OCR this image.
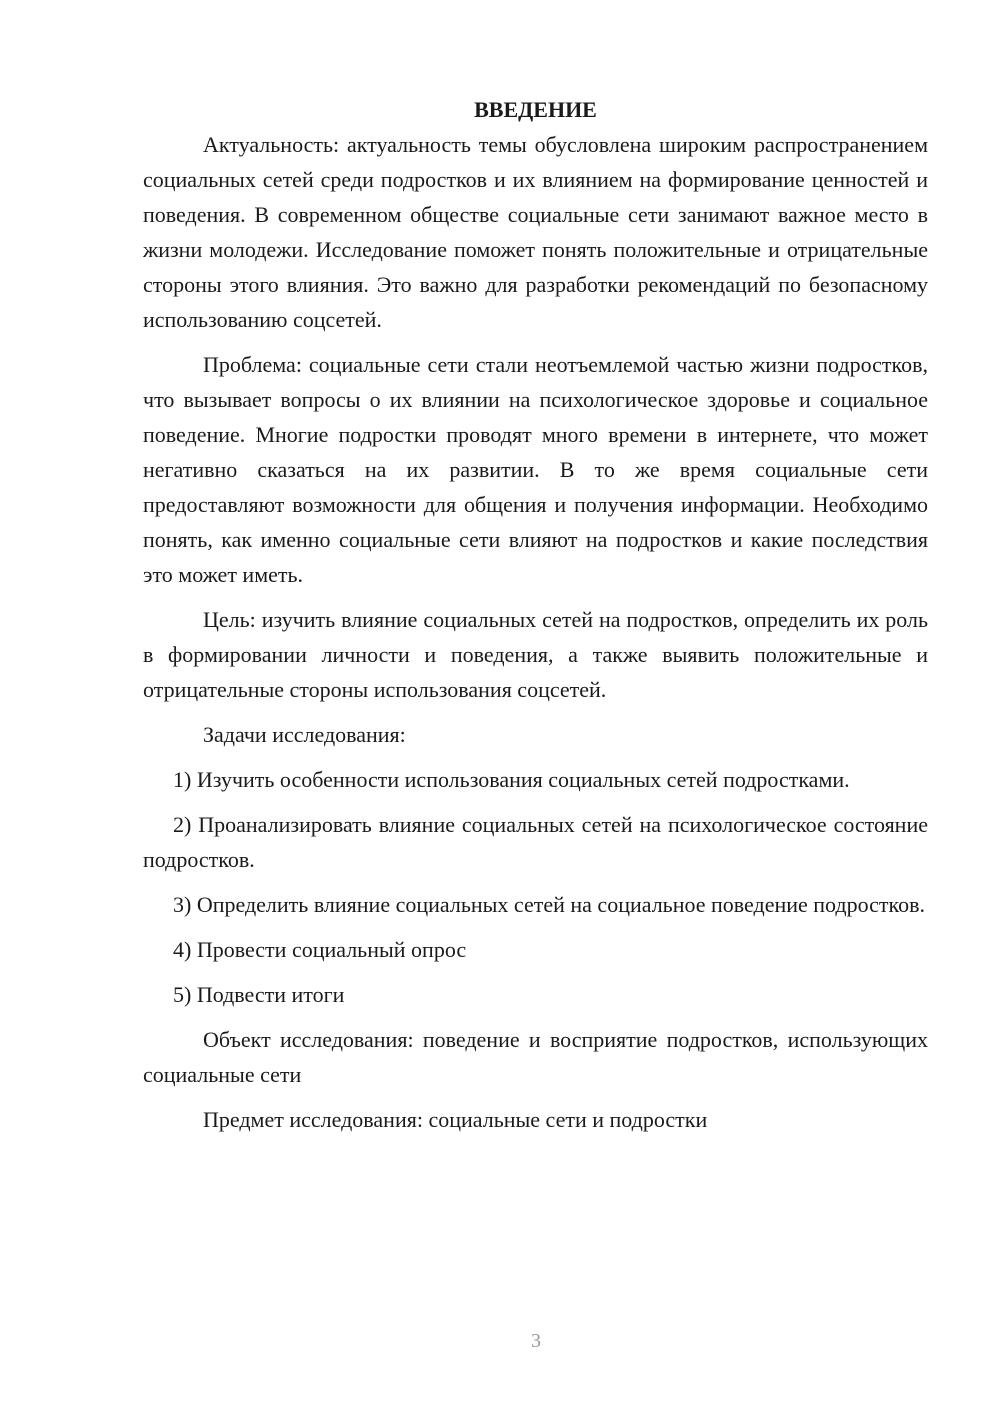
ВВЕДЕНИЕ

Актуальность: актуальность темы обусловлена широким распространением социальных сетей среди подростков и их влиянием на формирование ценностей и поведения. В современном обществе социальные сети занимают важное место в жизни молодежи. Исследование поможет понять положительные и отрицательные стороны этого влияния. Это важно для разработки рекомендаций по безопасному использованию соцсетей.

Проблема: социальные сети стали неотъемлемой частью жизни подростков, что вызывает вопросы о их влиянии на психологическое здоровье и социальное поведение. Многие подростки проводят много времени в интернете, что может негативно сказаться на их развитии. В то же время социальные сети предоставляют возможности для общения и получения информации. Необходимо понять, как именно социальные сети влияют на подростков и какие последствия это может иметь.

Цель: изучить влияние социальных сетей на подростков, определить их роль в формировании личности и поведения, а также выявить положительные и отрицательные стороны использования соцсетей.

Задачи исследования:

1) Изучить особенности использования социальных сетей подростками.

2) Проанализировать влияние социальных сетей на психологическое состояние подростков.

3) Определить влияние социальных сетей на социальное поведение подростков.

4) Провести социальный опрос

5) Подвести итоги

Объект исследования: поведение и восприятие подростков, использующих социальные сети

Предмет исследования: социальные сети и подростки

3
